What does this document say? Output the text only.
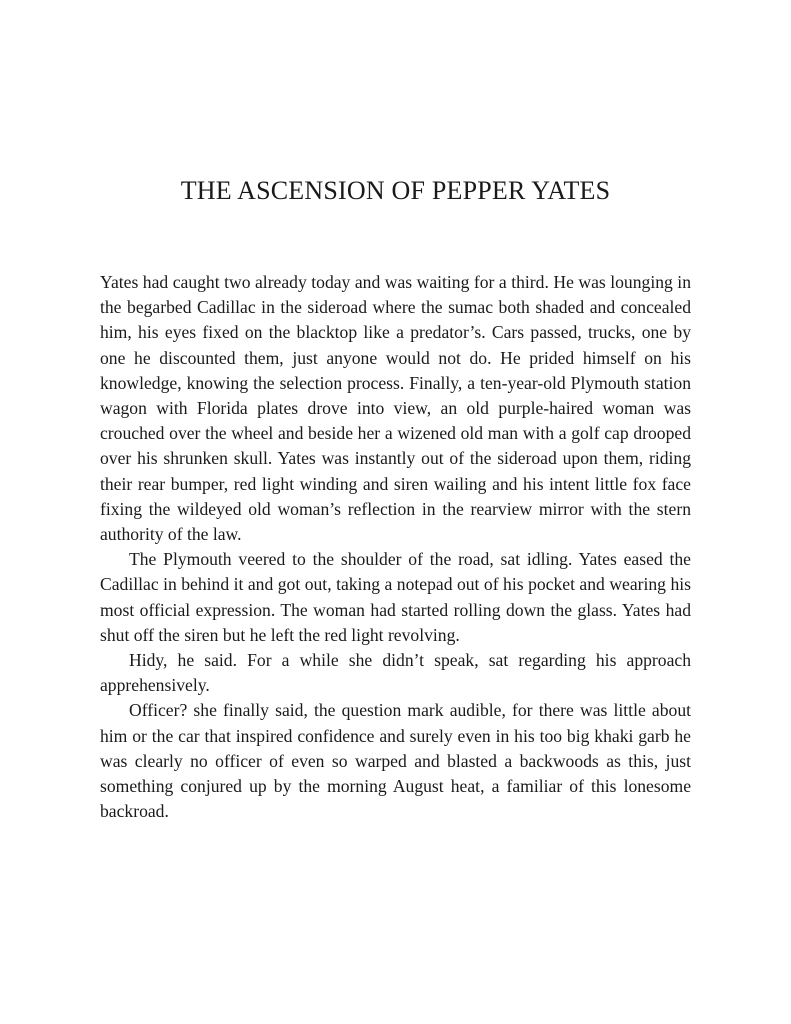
THE ASCENSION OF PEPPER YATES

Yates had caught two already today and was waiting for a third. He was lounging in the begarbed Cadillac in the sideroad where the sumac both shaded and concealed him, his eyes fixed on the blacktop like a predator’s. Cars passed, trucks, one by one he discounted them, just anyone would not do. He prided himself on his knowledge, knowing the selection process. Finally, a ten-year-old Plymouth station wagon with Florida plates drove into view, an old purple-haired woman was crouched over the wheel and beside her a wizened old man with a golf cap drooped over his shrunken skull. Yates was instantly out of the sideroad upon them, riding their rear bumper, red light winding and siren wailing and his intent little fox face fixing the wildeyed old woman’s reflection in the rearview mirror with the stern authority of the law.

The Plymouth veered to the shoulder of the road, sat idling. Yates eased the Cadillac in behind it and got out, taking a notepad out of his pocket and wearing his most official expression. The woman had started rolling down the glass. Yates had shut off the siren but he left the red light revolving.

Hidy, he said. For a while she didn’t speak, sat regarding his approach apprehensively.

Officer? she finally said, the question mark audible, for there was little about him or the car that inspired confidence and surely even in his too big khaki garb he was clearly no officer of even so warped and blasted a backwoods as this, just something conjured up by the morning August heat, a familiar of this lonesome backroad.
